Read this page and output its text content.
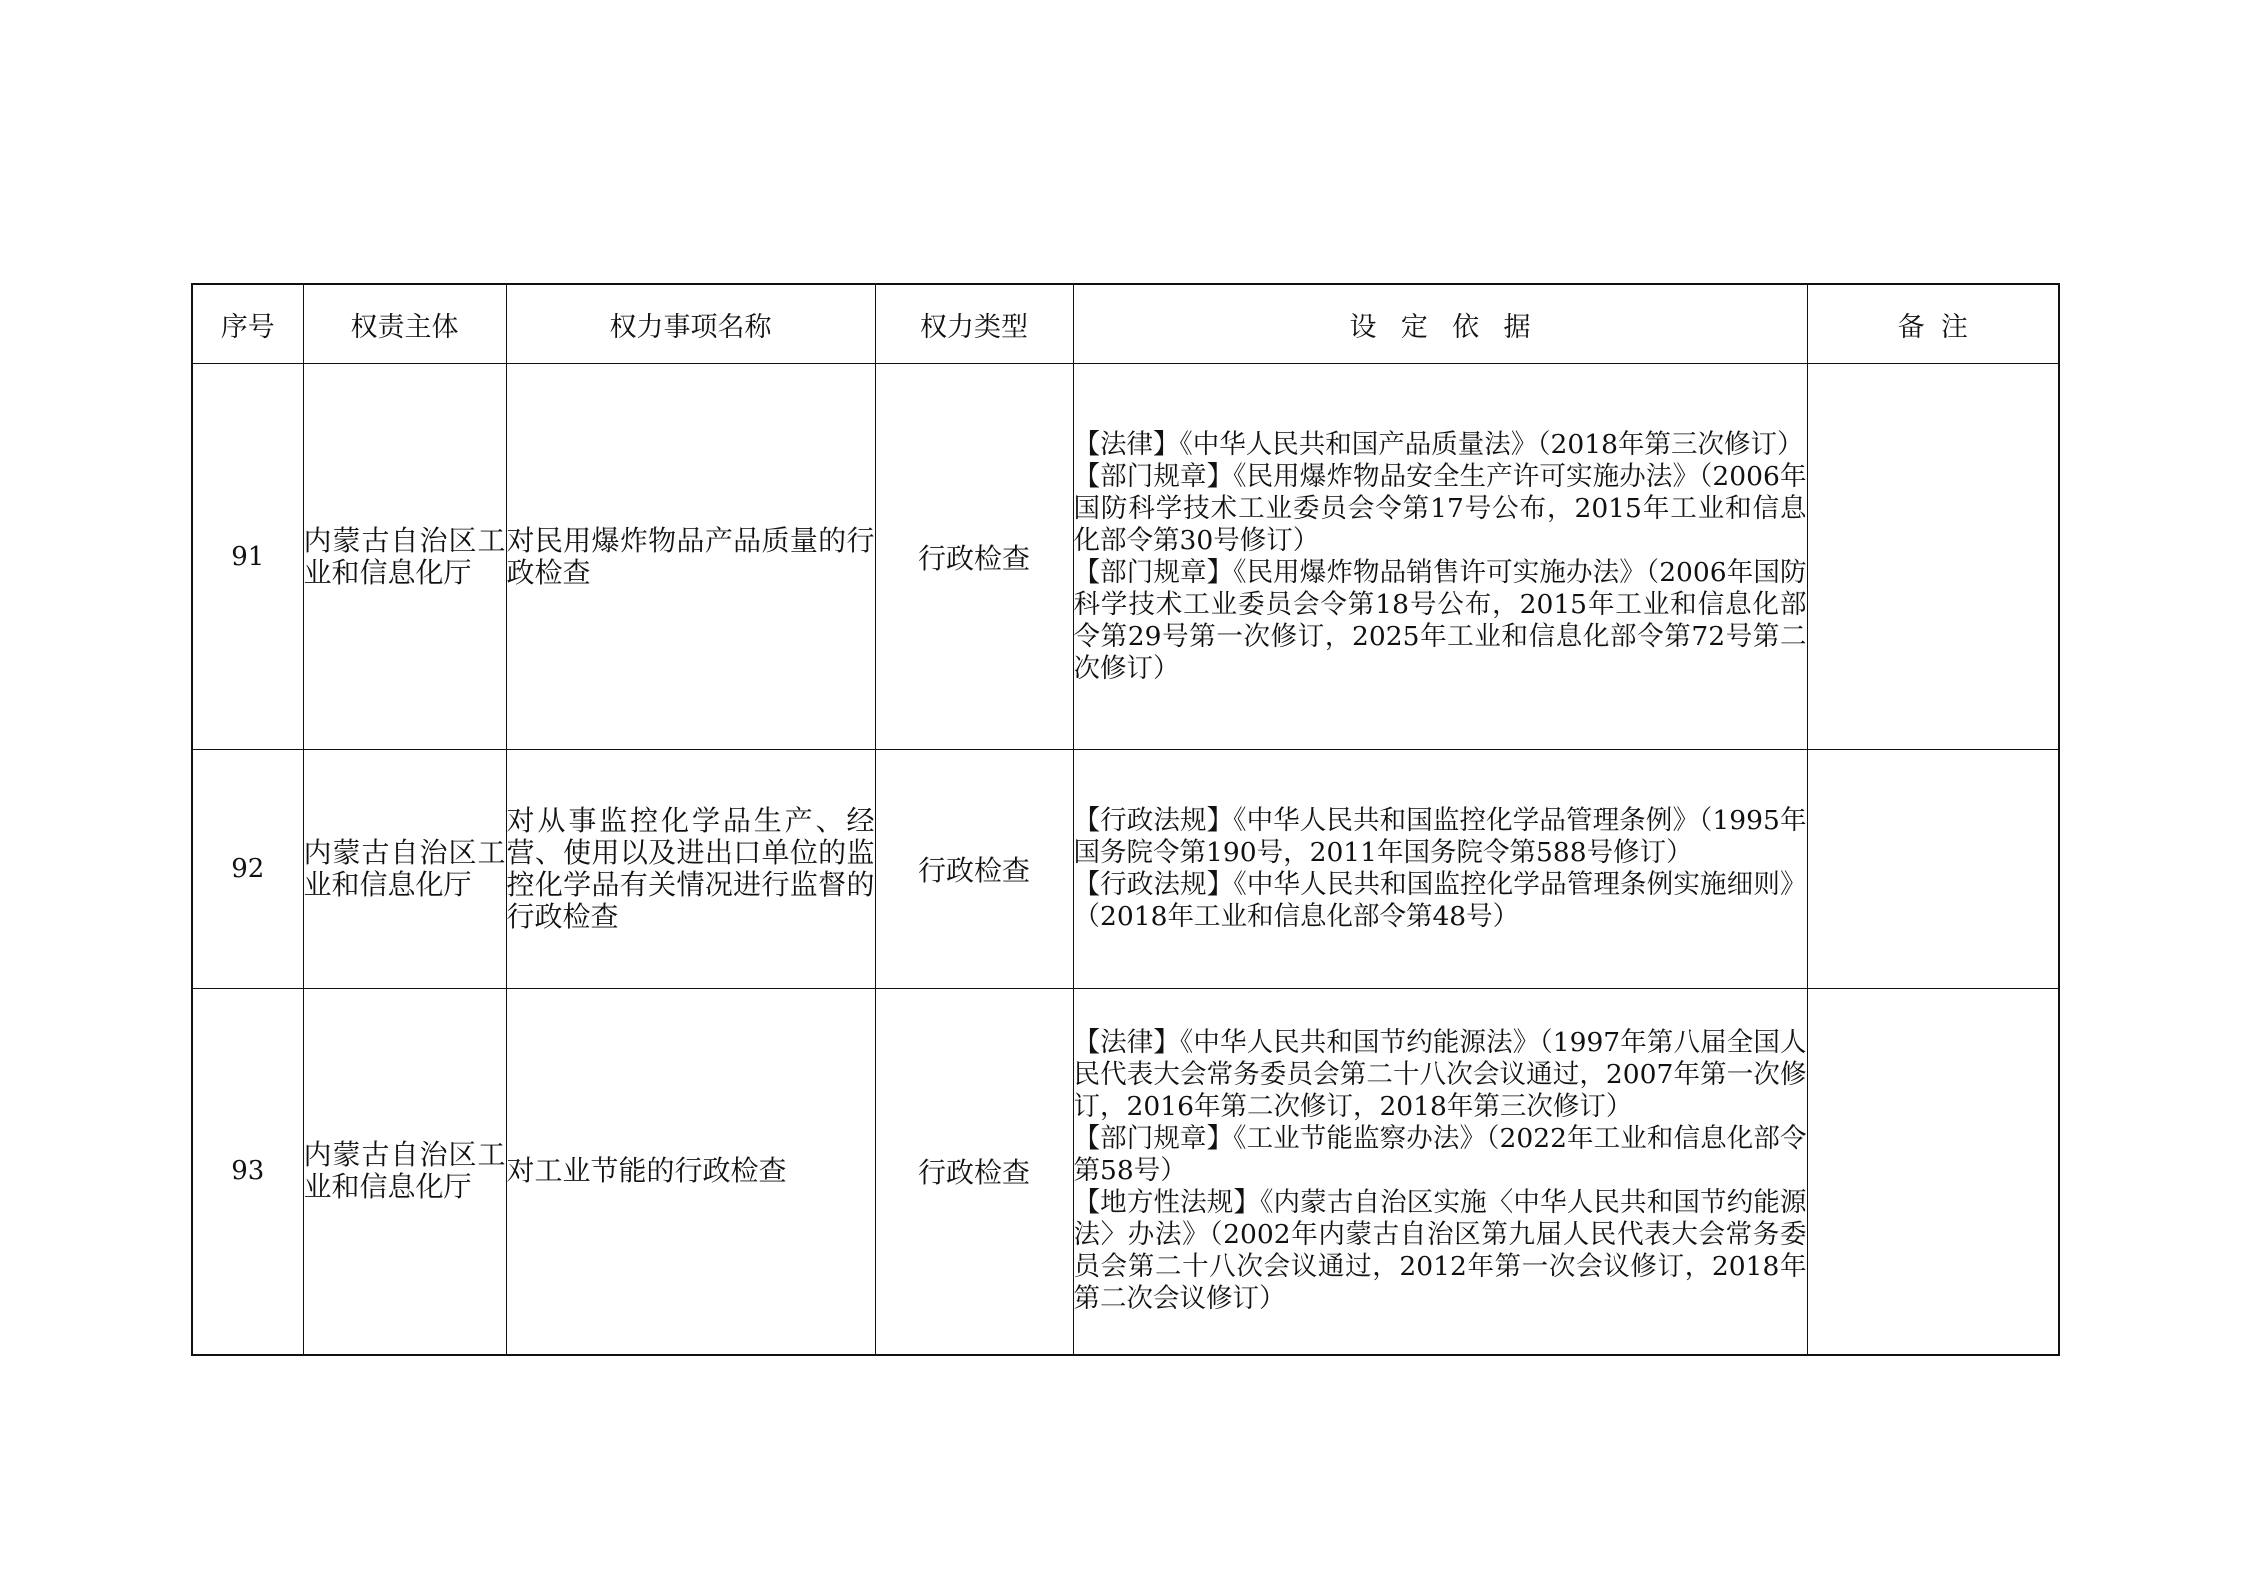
序号	权责主体	权力事项名称	权力类型	设定依据	备注
91	内蒙古自治区工业和信息化厅	对民用爆炸物品产品质量的行政检查	行政检查	【法律】《中华人民共和国产品质量法》（2018年第三次修订）

【部门规章】《民用爆炸物品安全生产许可实施办法》（2006年国防科学技术工业委员会令第17号公布，2015年工业和信息化部令第30号修订）

【部门规章】《民用爆炸物品销售许可实施办法》（2006年国防科学技术工业委员会令第18号公布，2015年工业和信息化部令第29号第一次修订，2025年工业和信息化部令第72号第二次修订）	

92	内蒙古自治区工业和信息化厅	对从事监控化学品生产、经营、使用以及进出口单位的监控化学品有关情况进行监督的行政检查	行政检查	【行政法规】《中华人民共和国监控化学品管理条例》（1995年国务院令第190号，2011年国务院令第588号修订）

【行政法规】《中华人民共和国监控化学品管理条例实施细则》（2018年工业和信息化部令第48号）	

93	内蒙古自治区工业和信息化厅	对工业节能的行政检查	行政检查	【法律】《中华人民共和国节约能源法》（1997年第八届全国人民代表大会常务委员会第二十八次会议通过，2007年第一次修订，2016年第二次修订，2018年第三次修订）

【部门规章】《工业节能监察办法》（2022年工业和信息化部令第58号）

【地方性法规】《内蒙古自治区实施〈中华人民共和国节约能源法〉办法》（2002年内蒙古自治区第九届人民代表大会常务委员会第二十八次会议通过，2012年第一次会议修订，2018年第二次会议修订）	
